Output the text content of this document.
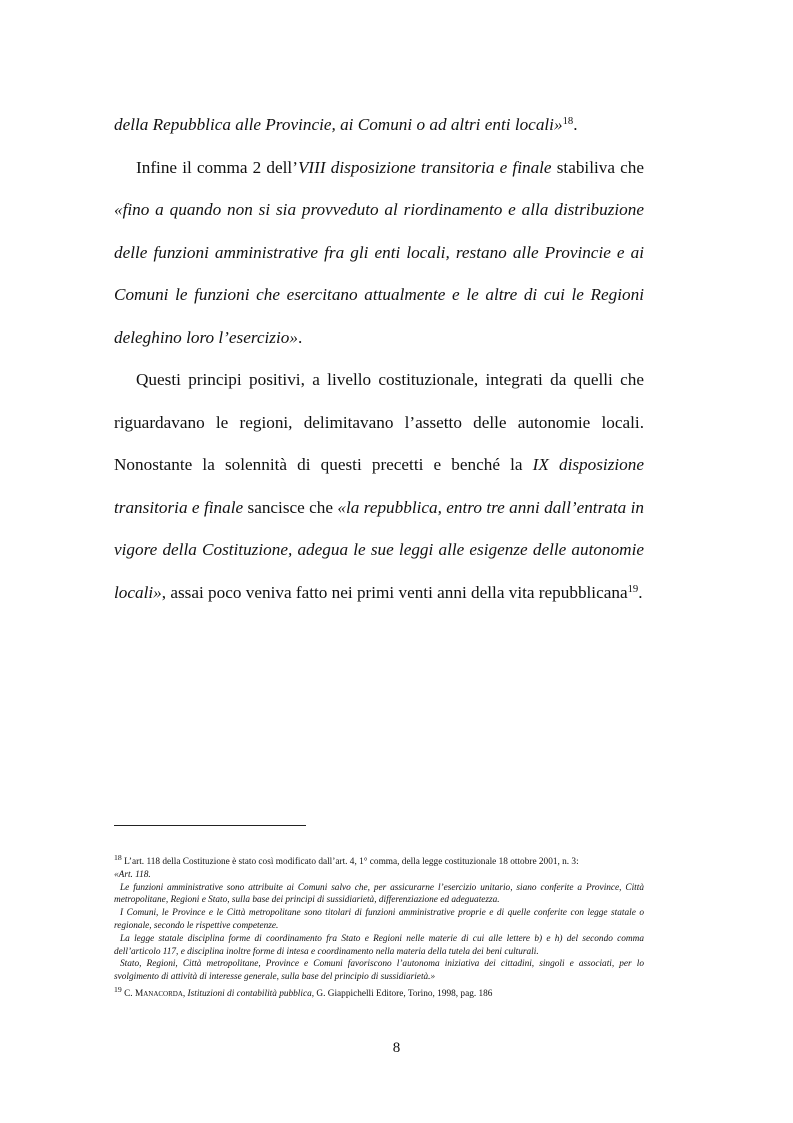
della Repubblica alle Provincie, ai Comuni o ad altri enti locali»$^{18}$.

Infine il comma 2 dell’VIII disposizione transitoria e finale stabiliva che «fino a quando non si sia provveduto al riordinamento e alla distribuzione delle funzioni amministrative fra gli enti locali, restano alle Provincie e ai Comuni le funzioni che esercitano attualmente e le altre di cui le Regioni deleghino loro l’esercizio».

Questi principi positivi, a livello costituzionale, integrati da quelli che riguardavano le regioni, delimitavano l’assetto delle autonomie locali. Nonostante la solennità di questi precetti e benché la IX disposizione transitoria e finale sancisce che «la repubblica, entro tre anni dall’entrata in vigore della Costituzione, adegua le sue leggi alle esigenze delle autonomie locali», assai poco veniva fatto nei primi venti anni della vita repubblicana$^{19}$.

$^{18}$ L’art. 118 della Costituzione è stato così modificato dall’art. 4, 1° comma, della legge costituzionale 18 ottobre 2001, n. 3:

«Art. 118.

Le funzioni amministrative sono attribuite ai Comuni salvo che, per assicurarne l’esercizio unitario, siano conferite a Province, Città metropolitane, Regioni e Stato, sulla base dei principi di sussidiarietà, differenziazione ed adeguatezza.

I Comuni, le Province e le Città metropolitane sono titolari di funzioni amministrative proprie e di quelle conferite con legge statale o regionale, secondo le rispettive competenze.

La legge statale disciplina forme di coordinamento fra Stato e Regioni nelle materie di cui alle lettere b) e h) del secondo comma dell’articolo 117, e disciplina inoltre forme di intesa e coordinamento nella materia della tutela dei beni culturali.

Stato, Regioni, Città metropolitane, Province e Comuni favoriscono l’autonoma iniziativa dei cittadini, singoli e associati, per lo svolgimento di attività di interesse generale, sulla base del principio di sussidiarietà.»

$^{19}$ C. Manacorda, Istituzioni di contabilità pubblica, G. Giappichelli Editore, Torino, 1998, pag. 186

8
